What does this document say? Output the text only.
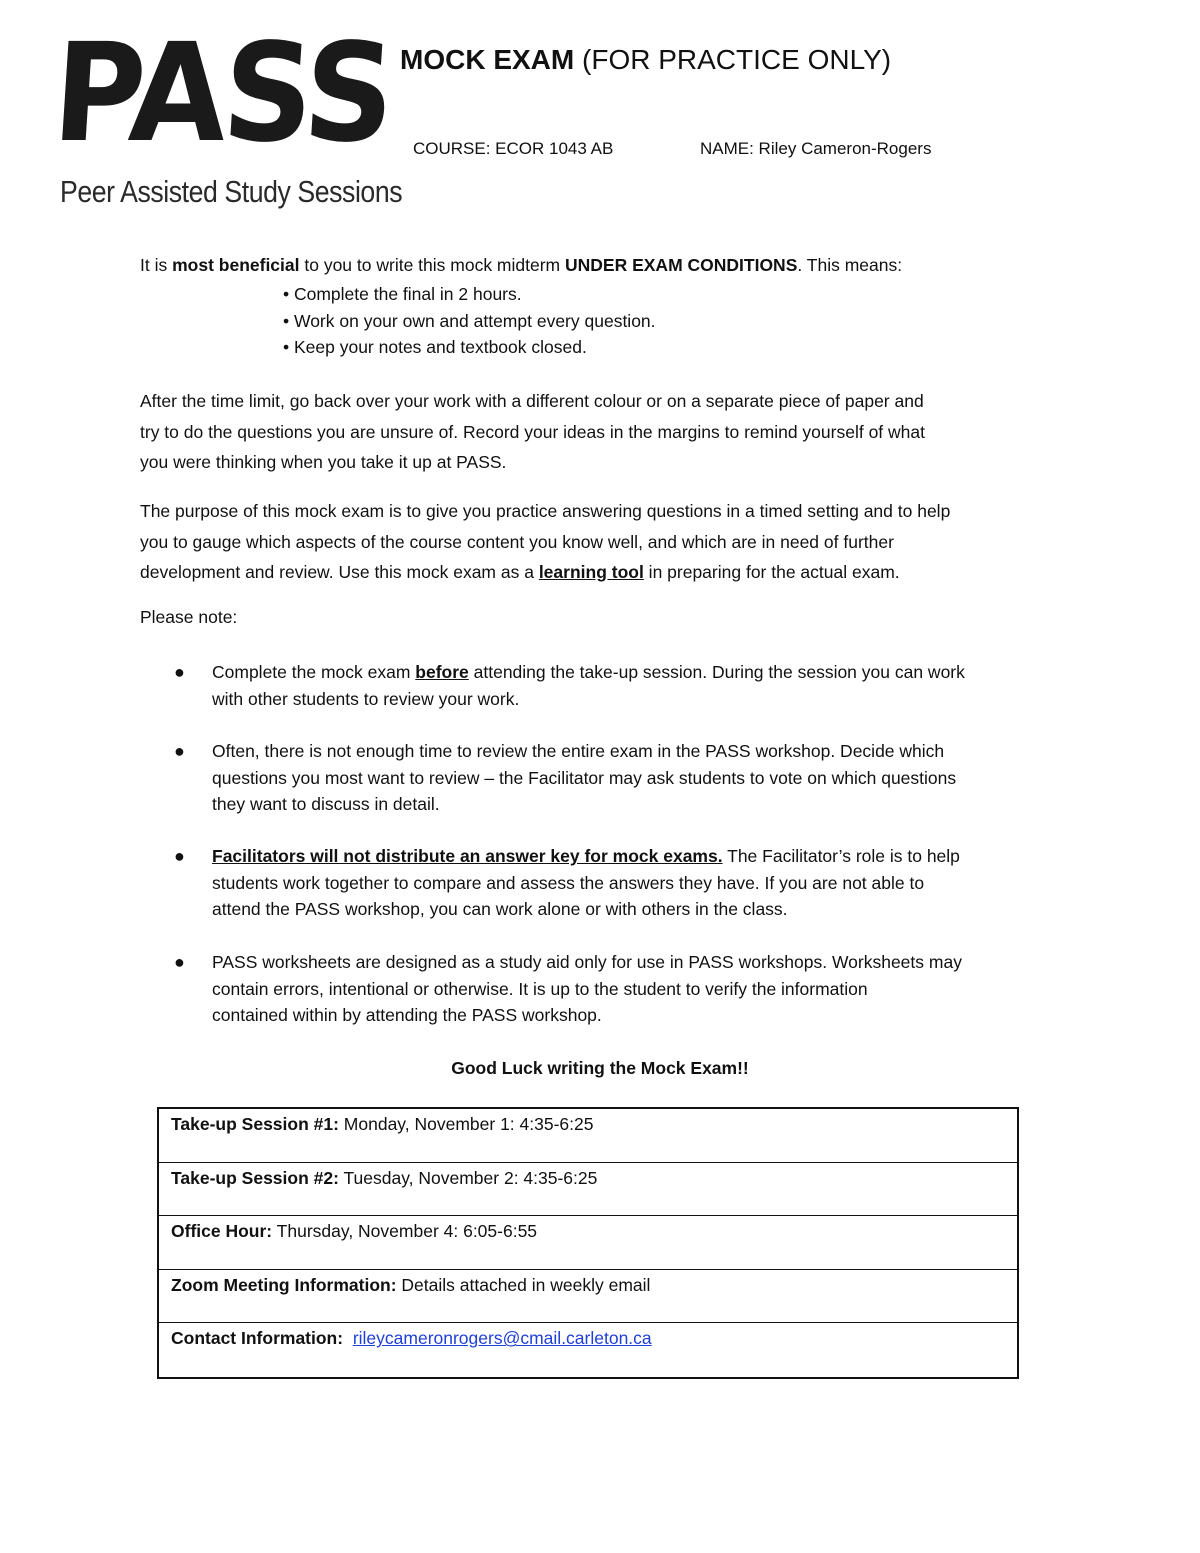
PASS
Peer Assisted Study Sessions
MOCK EXAM (FOR PRACTICE ONLY)
COURSE: ECOR 1043 AB	NAME: Riley Cameron-Rogers
It is most beneficial to you to write this mock midterm UNDER EXAM CONDITIONS. This means:
• Complete the final in 2 hours.
• Work on your own and attempt every question.
• Keep your notes and textbook closed.
After the time limit, go back over your work with a different colour or on a separate piece of paper and
try to do the questions you are unsure of. Record your ideas in the margins to remind yourself of what
you were thinking when you take it up at PASS.
The purpose of this mock exam is to give you practice answering questions in a timed setting and to help
you to gauge which aspects of the course content you know well, and which are in need of further
development and review. Use this mock exam as a learning tool in preparing for the actual exam.
Please note:
● Complete the mock exam before attending the take-up session. During the session you can work
with other students to review your work.
● Often, there is not enough time to review the entire exam in the PASS workshop. Decide which
questions you most want to review – the Facilitator may ask students to vote on which questions
they want to discuss in detail.
● Facilitators will not distribute an answer key for mock exams. The Facilitator’s role is to help
students work together to compare and assess the answers they have. If you are not able to
attend the PASS workshop, you can work alone or with others in the class.
● PASS worksheets are designed as a study aid only for use in PASS workshops. Worksheets may
contain errors, intentional or otherwise. It is up to the student to verify the information
contained within by attending the PASS workshop.
Good Luck writing the Mock Exam!!
Take-up Session #1: Monday, November 1: 4:35-6:25
Take-up Session #2: Tuesday, November 2: 4:35-6:25
Office Hour: Thursday, November 4: 6:05-6:55
Zoom Meeting Information: Details attached in weekly email
Contact Information: rileycameronrogers@cmail.carleton.ca
